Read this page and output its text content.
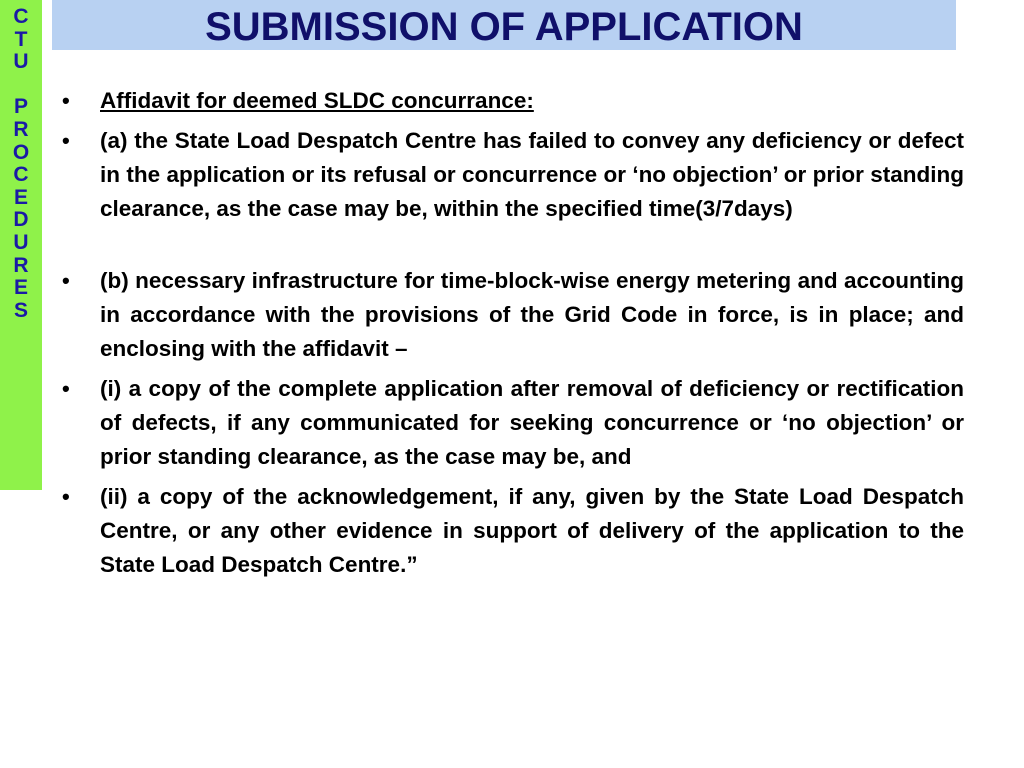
C
T
U
P
R
O
C
E
D
U
R
E
S
SUBMISSION OF APPLICATION
• Affidavit for deemed SLDC concurrance:
• (a) the State Load Despatch Centre has failed to convey any deficiency or defect in the application or its refusal or concurrence or ‘no objection’ or prior standing clearance, as the case may be, within the specified time(3/7days)
• (b) necessary infrastructure for time-block-wise energy metering and accounting in accordance with the provisions of the Grid Code in force, is in place; and enclosing with the affidavit –
• (i) a copy of the complete application after removal of deficiency or rectification of defects, if any communicated for seeking concurrence or ‘no objection’ or prior standing clearance, as the case may be, and
• (ii) a copy of the acknowledgement, if any, given by the State Load Despatch Centre, or any other evidence in support of delivery of the application to the State Load Despatch Centre.”
